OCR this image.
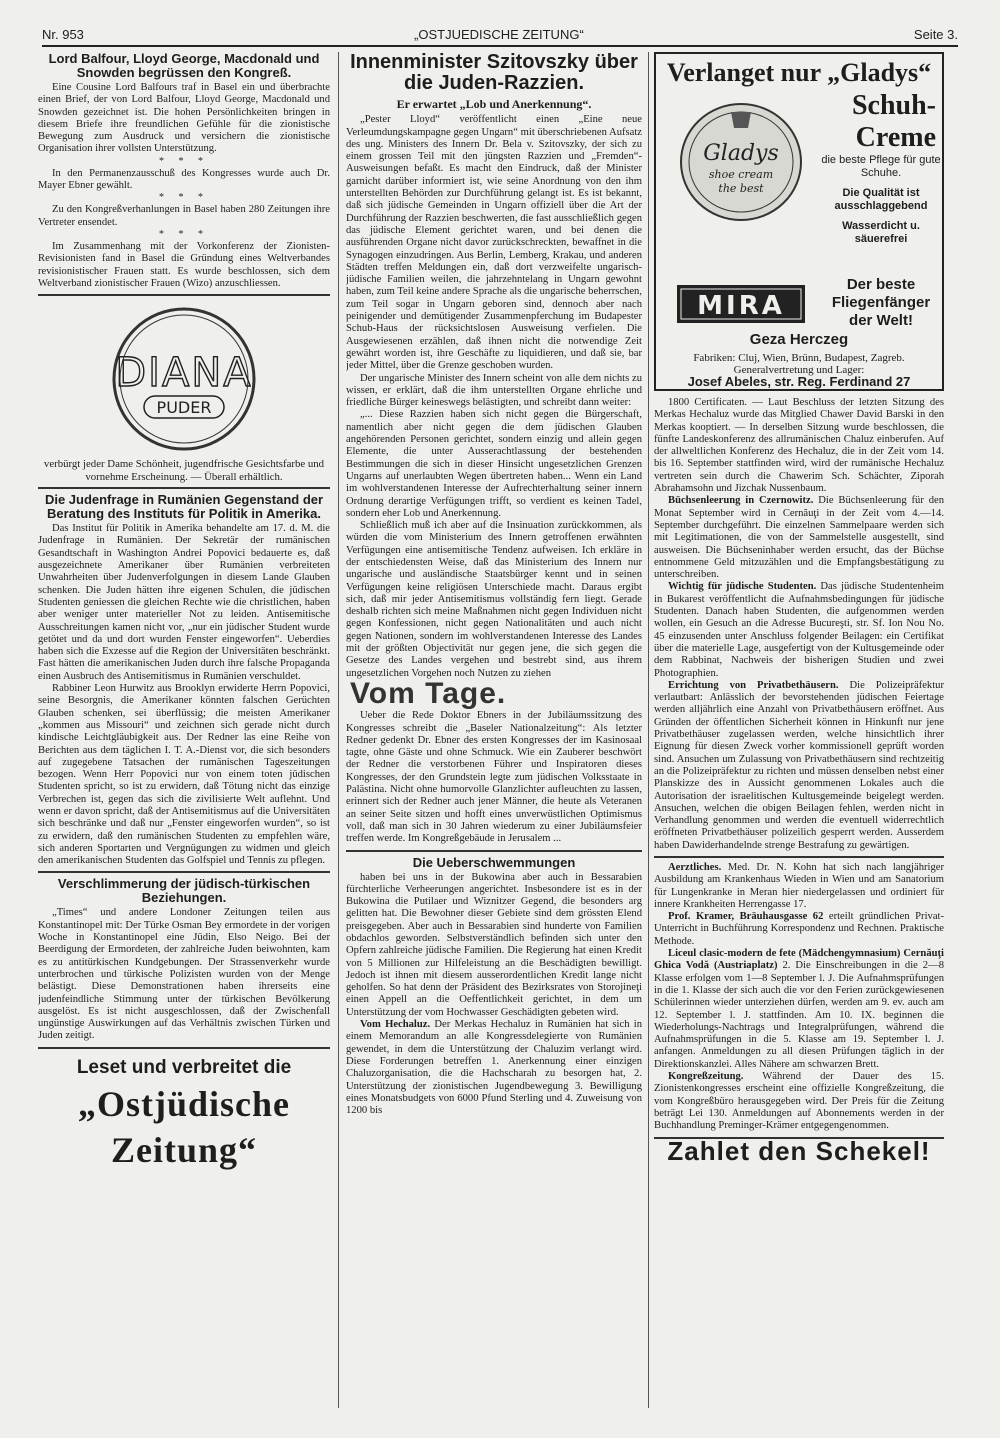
Nr. 953	„OSTJUEDISCHE ZEITUNG“	Seite 3.
Lord Balfour, Lloyd George, Macdonald und Snowden begrüssen den Kongreß.

Eine Cousine Lord Balfours traf in Basel ein und überbrachte einen Brief, der von Lord Balfour, Lloyd George, Macdonald und Snowden gezeichnet ist. Die hohen Persönlichkeiten bringen in diesem Briefe ihre freundlichen Gefühle für die zionistische Bewegung zum Ausdruck und versichern die zionistische Organisation ihrer vollsten Unterstützung.

* * *

In den Permanenzausschuß des Kongresses wurde auch Dr. Mayer Ebner gewählt.

* * *

Zu den Kongreßverhanlungen in Basel haben 280 Zeitungen ihre Vertreter ensendet.

* * *

Im Zusammenhang mit der Vorkonferenz der Zionisten-Revisionisten fand in Basel die Gründung eines Weltverbandes revisionistischer Frauen statt. Es wurde beschlossen, sich dem Weltverband zionistischer Frauen (Wizo) anzuschliessen.

DIANA
PUDER
verbürgt jeder Dame Schönheit, jugendfrische Gesichtsfarbe und vornehme Erscheinung. — Überall erhältlich.
Die Judenfrage in Rumänien Gegenstand der Beratung des Instituts für Politik in Amerika.

Das Institut für Politik in Amerika behandelte am 17. d. M. die Judenfrage in Rumänien. Der Sekretär der rumänischen Gesandtschaft in Washington Andrei Popovici bedauerte es, daß ausgezeichnete Amerikaner über Rumänien verbreiteten Unwahrheiten über Judenverfolgungen in diesem Lande Glauben schenken. Die Juden hätten ihre eigenen Schulen, die jüdischen Studenten geniessen die gleichen Rechte wie die christlichen, haben aber weniger unter materieller Not zu leiden. Antisemitische Ausschreitungen kamen nicht vor, „nur ein jüdischer Student wurde getötet und da und dort wurden Fenster eingeworfen“. Ueberdies haben sich die Exzesse auf die Region der Universitäten beschränkt. Fast hätten die amerikanischen Juden durch ihre falsche Propaganda einen Ausbruch des Antisemitismus in Rumänien verschuldet.

Rabbiner Leon Hurwitz aus Brooklyn erwiderte Herrn Popovici, seine Besorgnis, die Amerikaner könnten falschen Gerüchten Glauben schenken, sei überflüssig; die meisten Amerikaner „kommen aus Missouri“ und zeichnen sich gerade nicht durch kindische Leichtgläubigkeit aus. Der Redner las eine Reihe von Berichten aus dem täglichen I. T. A.-Dienst vor, die sich besonders auf zugegebene Tatsachen der rumänischen Tageszeitungen bezogen. Wenn Herr Popovici nur von einem toten jüdischen Studenten spricht, so ist zu erwidern, daß Tötung nicht das einzige Verbrechen ist, gegen das sich die zivilisierte Welt auflehnt. Und wenn er davon spricht, daß der Antisemitismus auf die Universitäten sich beschränke und daß nur „Fenster eingeworfen wurden“, so ist zu erwidern, daß den rumänischen Studenten zu empfehlen wäre, sich anderen Sportarten und Vergnügungen zu widmen und gleich den amerikanischen Studenten das Golfspiel und Tennis zu pflegen.

Verschlimmerung der jüdisch-türkischen Beziehungen.

„Times“ und andere Londoner Zeitungen teilen aus Konstantinopel mit: Der Türke Osman Bey ermordete in der vorigen Woche in Konstantinopel eine Jüdin, Elso Neigo. Bei der Beerdigung der Ermordeten, der zahlreiche Juden beiwohnten, kam es zu antitürkischen Kundgebungen. Der Strassenverkehr wurde unterbrochen und türkische Polizisten wurden von der Menge belästigt. Diese Demonstrationen haben ihrerseits eine judenfeindliche Stimmung unter der türkischen Bevölkerung ausgelöst. Es ist nicht ausgeschlossen, daß der Zwischenfall ungünstige Auswirkungen auf das Verhältnis zwischen Türken und Juden zeitigt.

Leset und verbreitet die
„Ostjüdische Zeitung“
Innenminister Szitovszky über die Juden-Razzien.
Er erwartet „Lob und Anerkennung“.

„Pester Lloyd“ veröffentlicht einen „Eine neue Verleumdungskampagne gegen Ungarn“ mit überschriebenen Aufsatz des ung. Ministers des Innern Dr. Bela v. Szitovszky, der sich zu einem grossen Teil mit den jüngsten Razzien und „Fremden“-Ausweisungen befaßt. Es macht den Eindruck, daß der Minister garnicht darüber informiert ist, wie seine Anordnung von den ihm unterstellten Behörden zur Durchführung gelangt ist. Es ist bekannt, daß sich jüdische Gemeinden in Ungarn offiziell über die Art der Durchführung der Razzien beschwerten, die fast ausschließlich gegen das jüdische Element gerichtet waren, und bei denen die ausführenden Organe nicht davor zurückschreckten, bewaffnet in die Synagogen einzudringen. Aus Berlin, Lemberg, Krakau, und anderen Städten treffen Meldungen ein, daß dort verzweifelte ungarisch-jüdische Familien weilen, die jahrzehntelang in Ungarn gewohnt haben, zum Teil keine andere Sprache als die ungarische beherrschen, zum Teil sogar in Ungarn geboren sind, dennoch aber nach peinigender und demütigender Zusammenpferchung im Budapester Schub-Haus der rücksichtslosen Ausweisung verfielen. Die Ausgewiesenen erzählen, daß ihnen nicht die notwendige Zeit gewährt worden ist, ihre Geschäfte zu liquidieren, und daß sie, bar jeder Mittel, über die Grenze geschoben wurden.

Der ungarische Minister des Innern scheint von alle dem nichts zu wissen, er erklärt, daß die ihm unterstellten Organe ehrliche und friedliche Bürger keineswegs belästigten, und schreibt dann weiter:

„... Diese Razzien haben sich nicht gegen die Bürgerschaft, namentlich aber nicht gegen die dem jüdischen Glauben angehörenden Personen gerichtet, sondern einzig und allein gegen Elemente, die unter Ausserachtlassung der bestehenden Bestimmungen die sich in dieser Hinsicht ungesetzlichen Grenzen Ungarns auf unerlaubten Wegen übertreten haben... Wenn ein Land im wohlverstandenen Interesse der Aufrechterhaltung seiner innern Ordnung derartige Verfügungen trifft, so verdient es keinen Tadel, sondern eher Lob und Anerkennung.

Schließlich muß ich aber auf die Insinuation zurückkommen, als würden die vom Ministerium des Innern getroffenen erwähnten Verfügungen eine antisemitische Tendenz aufweisen. Ich erkläre in der entschiedensten Weise, daß das Ministerium des Innern nur ungarische und ausländische Staatsbürger kennt und in seinen Verfügungen keine religiösen Unterschiede macht. Daraus ergibt sich, daß mir jeder Antisemitismus vollständig fern liegt. Gerade deshalb richten sich meine Maßnahmen nicht gegen Individuen nicht gegen Konfessionen, nicht gegen Nationalitäten und auch nicht gegen Nationen, sondern im wohlverstandenen Interesse des Landes mit der größten Objectivität nur gegen jene, die sich gegen die Gesetze des Landes vergehen und bestrebt sind, aus ihrem ungesetzlichen Vorgehen noch Nutzen zu ziehen

Vom Tage.

Ueber die Rede Doktor Ebners in der Jubiläumssitzung des Kongresses schreibt die „Baseler Nationalzeitung“: Als letzter Redner gedenkt Dr. Ebner des ersten Kongresses der im Kasinosaal tagte, ohne Gäste und ohne Schmuck. Wie ein Zauberer beschwört der Redner die verstorbenen Führer und Inspiratoren dieses Kongresses, der den Grundstein legte zum jüdischen Volksstaate in Palästina. Nicht ohne humorvolle Glanzlichter aufleuchten zu lassen, erinnert sich der Redner auch jener Männer, die heute als Veteranen an seiner Seite sitzen und hofft eines unverwüstlichen Optimismus voll, daß man sich in 30 Jahren wiederum zu einer Jubiläumsfeier treffen werde. Im Kongreßgebäude in Jerusalem ...

Die Ueberschwemmungen

haben bei uns in der Bukowina aber auch in Bessarabien fürchterliche Verheerungen angerichtet. Insbesondere ist es in der Bukowina die Putilaer und Wiznitzer Gegend, die besonders arg gelitten hat. Die Bewohner dieser Gebiete sind dem grössten Elend preisgegeben. Aber auch in Bessarabien sind hunderte von Familien obdachlos geworden. Selbstverständlich befinden sich unter den Opfern zahlreiche jüdische Familien. Die Regierung hat einen Kredit von 5 Millionen zur Hilfeleistung an die Beschädigten bewilligt. Jedoch ist ihnen mit diesem ausserordentlichen Kredit lange nicht geholfen. So hat denn der Präsident des Bezirksrates von Storojineţi einen Appell an die Oeffentlichkeit gerichtet, in dem um Unterstützung der vom Hochwasser Geschädigten gebeten wird.

Vom Hechaluz. Der Merkas Hechaluz in Rumänien hat sich in einem Memorandum an alle Kongressdelegierte von Rumänien gewendet, in dem die Unterstützung der Chaluzim verlangt wird. Diese Forderungen betreffen 1. Anerkennung einer einzigen Chaluzorganisation, die die Hachscharah zu besorgen hat, 2. Unterstützung der zionistischen Jugendbewegung 3. Bewilligung eines Monatsbudgets von 6000 Pfund Sterling und 4. Zuweisung von 1200 bis

Verlanget nur „Gladys“
Schuh-
Creme
Gladys
shoe cream
the best
die beste Pflege für gute Schuhe.
Die Qualität ist ausschlaggebend
Wasserdicht u. säuerefrei
MIRA
Der beste Fliegenfänger der Welt!
Geza Herczeg
Fabriken: Cluj, Wien, Brünn, Budapest, Zagreb.
Generalvertretung und Lager:
Josef Abeles, str. Reg. Ferdinand 27

1800 Certificaten. — Laut Beschluss der letzten Sitzung des Merkas Hechaluz wurde das Mitglied Chawer David Barski in den Merkas kooptiert. — In derselben Sitzung wurde beschlossen, die fünfte Landeskonferenz des allrumänischen Chaluz einberufen. Auf der allweltlichen Konferenz des Hechaluz, die in der Zeit vom 14. bis 16. September stattfinden wird, wird der rumänische Hechaluz vertreten sein durch die Chawerim Sch. Schächter, Ziporah Abrahamsohn und Jizchak Nussenbaum.

Büchsenleerung in Czernowitz. Die Büchsenleerung für den Monat September wird in Cernăuţi in der Zeit vom 4.—14. September durchgeführt. Die einzelnen Sammelpaare werden sich mit Legitimationen, die von der Sammelstelle ausgestellt, sind ausweisen. Die Büchseninhaber werden ersucht, das der Büchse entnommene Geld mitzuzählen und die Empfangsbestätigung zu unterschreiben.

Wichtig für jüdische Studenten. Das jüdische Studentenheim in Bukarest veröffentlicht die Aufnahmsbedingungen für jüdische Studenten. Danach haben Studenten, die aufgenommen werden wollen, ein Gesuch an die Adresse Bucureşti, str. Sf. Ion Nou No. 45 einzusenden unter Anschluss folgender Beilagen: ein Certifikat über die materielle Lage, ausgefertigt von der Kultusgemeinde oder dem Rabbinat, Nachweis der bisherigen Studien und zwei Photographien.

Errichtung von Privatbethäusern. Die Polizeipräfektur verlautbart: Anlässlich der bevorstehenden jüdischen Feiertage werden alljährlich eine Anzahl von Privatbethäusern eröffnet. Aus Gründen der öffentlichen Sicherheit können in Hinkunft nur jene Privatbethäuser zugelassen werden, welche hinsichtlich ihrer Eignung für diesen Zweck vorher kommissionell geprüft worden sind. Ansuchen um Zulassung von Privatbethäusern sind rechtzeitig an die Polizeipräfektur zu richten und müssen denselben nebst einer Planskizze des in Aussicht genommenen Lokales auch die Autorisation der israelitischen Kultusgemeinde beigelegt werden. Ansuchen, welchen die obigen Beilagen fehlen, werden nicht in Verhandlung genommen und werden die eventuell widerrechtlich eröffneten Privatbethäuser polizeilich gesperrt werden. Ausserdem haben Dawiderhandelnde strenge Bestrafung zu gewärtigen.

Aerztliches. Med. Dr. N. Kohn hat sich nach langjähriger Ausbildung am Krankenhaus Wieden in Wien und am Sanatorium für Lungenkranke in Meran hier niedergelassen und ordiniert für innere Krankheiten Herrengasse 17.

Prof. Kramer, Bräuhausgasse 62 erteilt gründlichen Privat-Unterricht in Buchführung Korrespondenz und Rechnen. Praktische Methode.

Liceul clasic-modern de fete (Mädchengymnasium) Cernăuţi Ghica Vodă (Austriaplatz) 2. Die Einschreibungen in die 2—8 Klasse erfolgen vom 1—8 September l. J. Die Aufnahmsprüfungen in die 1. Klasse der sich auch die vor den Ferien zurückgewiesenen Schülerinnen wieder unterziehen dürfen, werden am 9. ev. auch am 12. September l. J. stattfinden. Am 10. IX. beginnen die Wiederholungs-Nachtrags und Integralprüfungen, während die Aufnahmsprüfungen in die 5. Klasse am 19. September l. J. anfangen. Anmeldungen zu all diesen Prüfungen täglich in der Direktionskanzlei. Alles Nähere am schwarzen Brett.

Kongreßzeitung. Während der Dauer des 15. Zionistenkongresses erscheint eine offizielle Kongreßzeitung, die vom Kongreßbüro herausgegeben wird. Der Preis für die Zeitung beträgt Lei 130. Anmeldungen auf Abonnements werden in der Buchhandlung Preminger-Krämer entgegengenommen.

Zahlet den Schekel!
